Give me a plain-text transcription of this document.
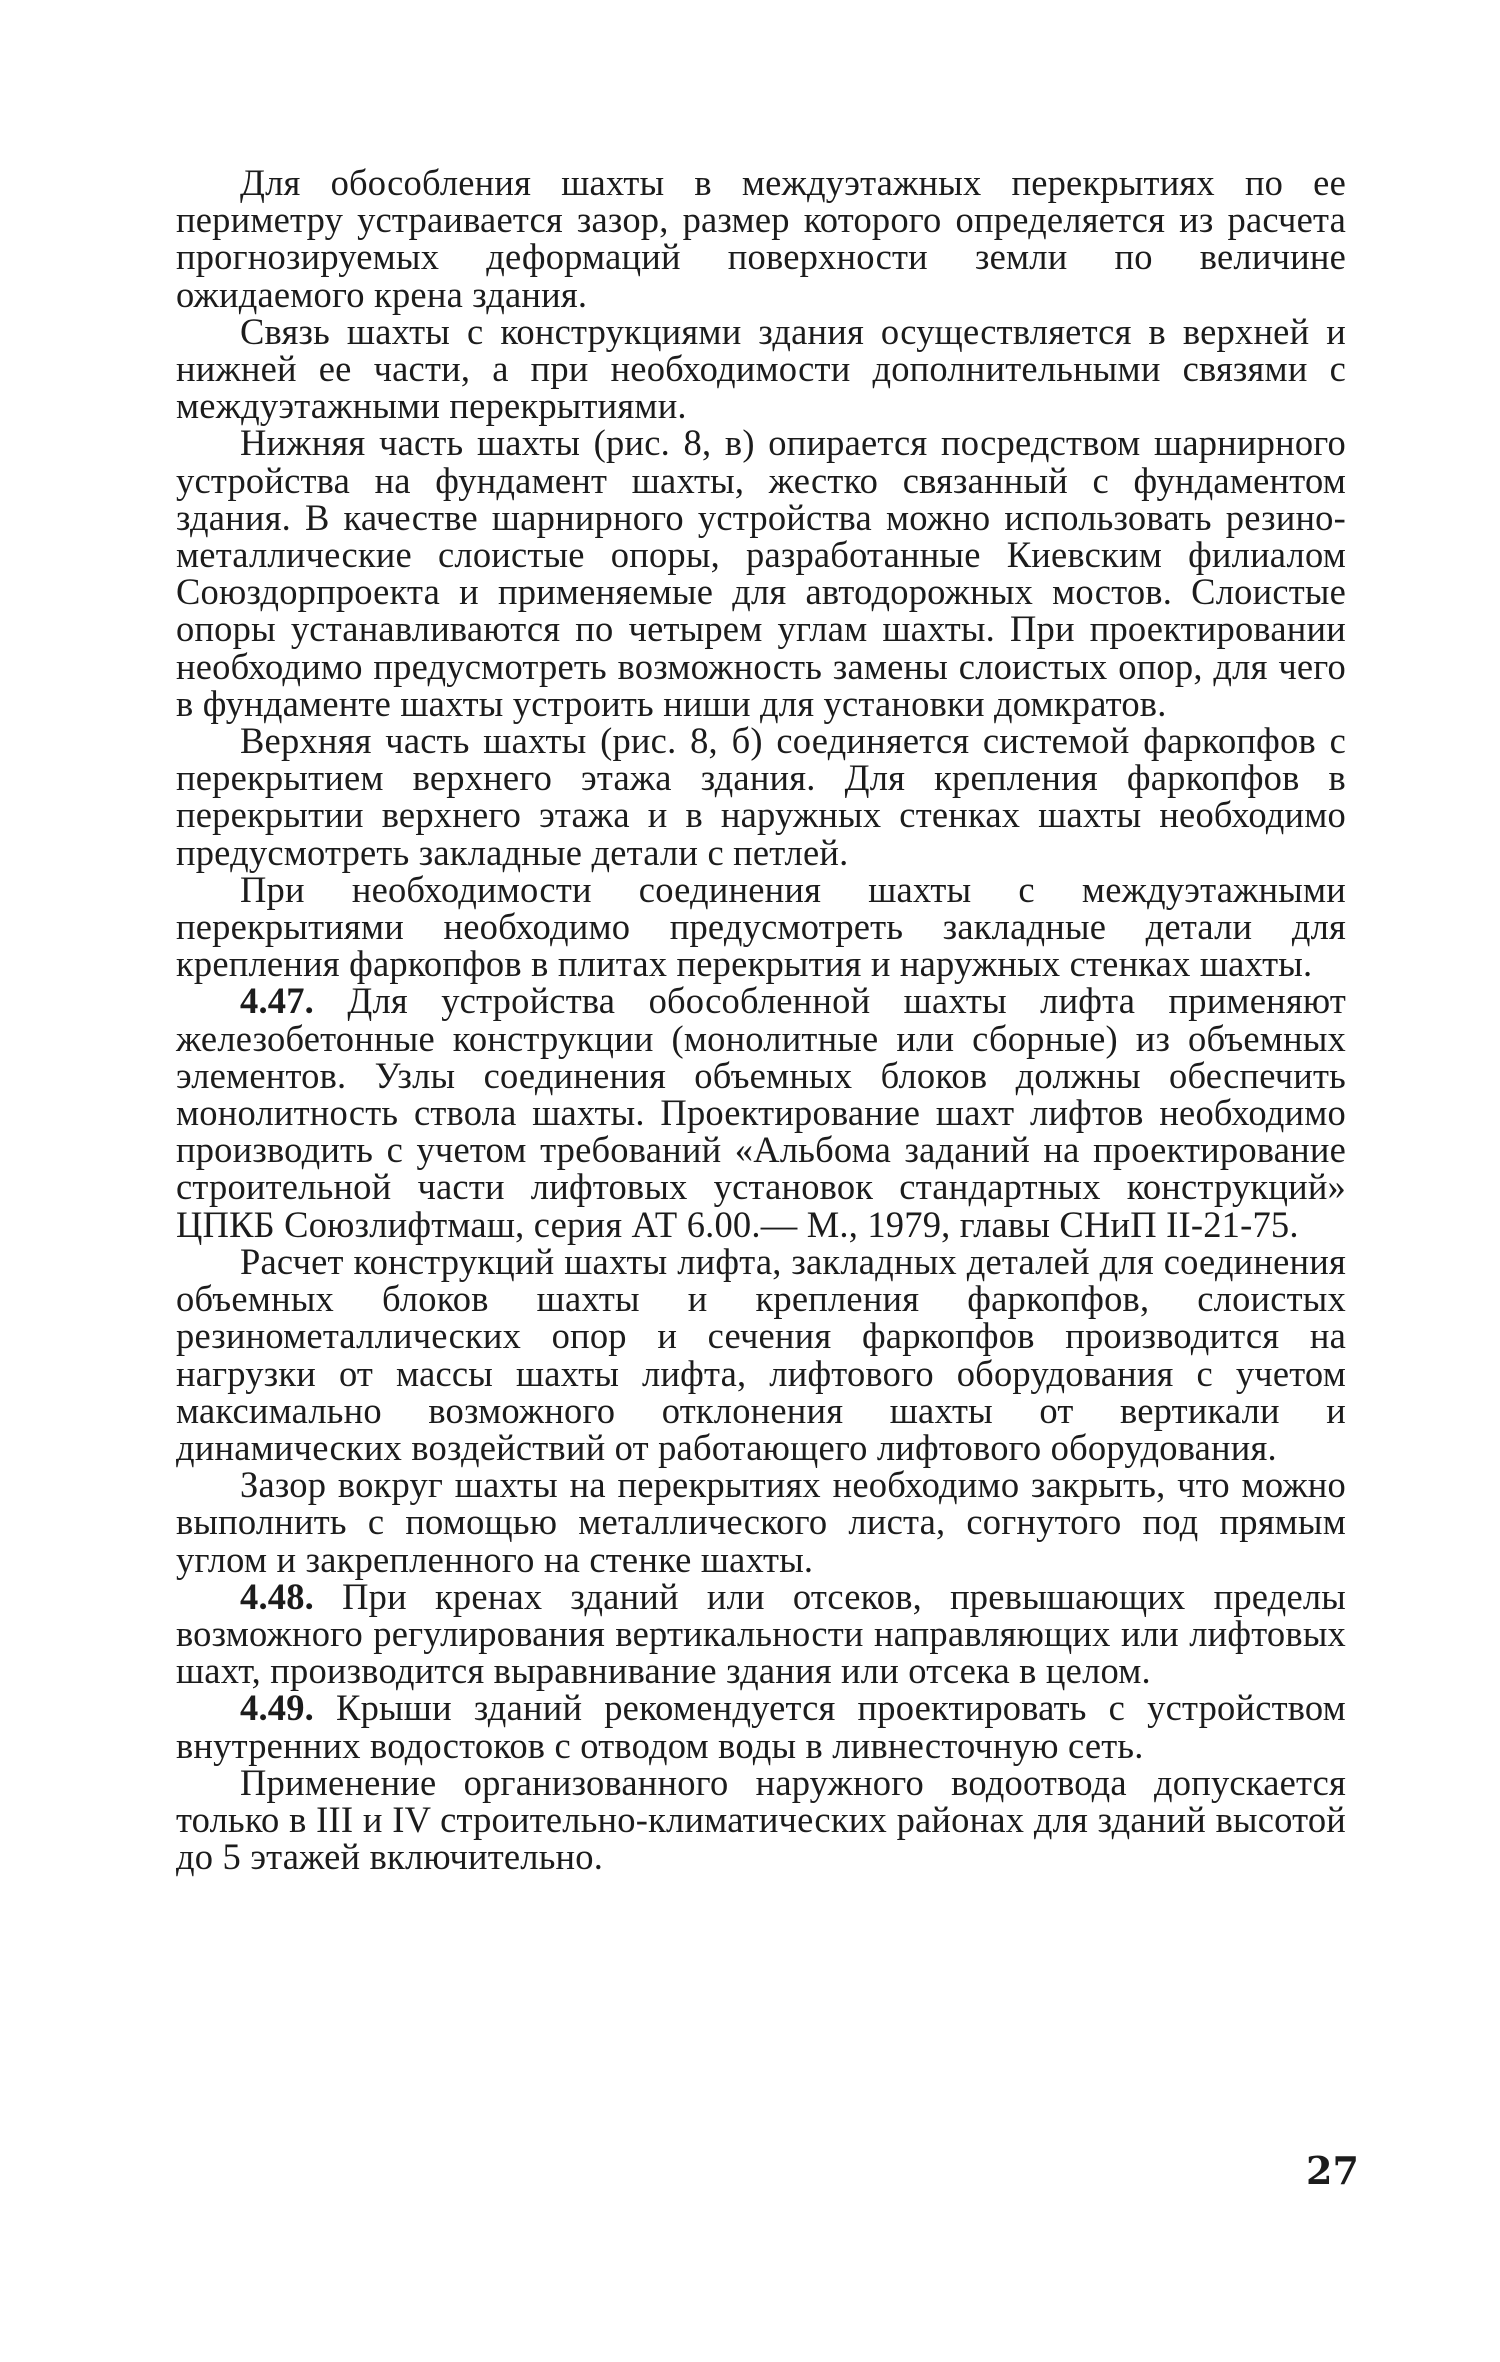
Для обособления шахты в междуэтажных перекрытиях по ее периметру устраивается зазор, размер которого определяется из расчета прогнозируемых деформаций поверхности земли по величине ожидаемого крена здания.

Связь шахты с конструкциями здания осуществляется в верхней и нижней ее части, а при необходимости дополнительными связями с междуэтажными перекрытиями.

Нижняя часть шахты (рис. 8, в) опирается посредством шарнирного устройства на фундамент шахты, жестко связанный с фундаментом здания. В качестве шарнирного устройства можно использовать резино-металлические слоистые опоры, разработанные Киевским филиалом Союздорпроекта и применяемые для автодорожных мостов. Слоистые опоры устанавливаются по четырем углам шахты. При проектировании необходимо предусмотреть возможность замены слоистых опор, для чего в фундаменте шахты устроить ниши для установки домкратов.

Верхняя часть шахты (рис. 8, б) соединяется системой фаркопфов с перекрытием верхнего этажа здания. Для крепления фаркопфов в перекрытии верхнего этажа и в наружных стенках шахты необходимо предусмотреть закладные детали с петлей.

При необходимости соединения шахты с междуэтажными перекрытиями необходимо предусмотреть закладные детали для крепления фаркопфов в плитах перекрытия и наружных стенках шахты.

4.47. Для устройства обособленной шахты лифта применяют железобетонные конструкции (монолитные или сборные) из объемных элементов. Узлы соединения объемных блоков должны обеспечить монолитность ствола шахты. Проектирование шахт лифтов необходимо производить с учетом требований «Альбома заданий на проектирование строительной части лифтовых установок стандартных конструкций» ЦПКБ Союзлифтмаш, серия АТ 6.00.— М., 1979, главы СНиП II-21-75.

Расчет конструкций шахты лифта, закладных деталей для соединения объемных блоков шахты и крепления фаркопфов, слоистых резинометаллических опор и сечения фаркопфов производится на нагрузки от массы шахты лифта, лифтового оборудования с учетом максимально возможного отклонения шахты от вертикали и динамических воздействий от работающего лифтового оборудования.

Зазор вокруг шахты на перекрытиях необходимо закрыть, что можно выполнить с помощью металлического листа, согнутого под прямым углом и закрепленного на стенке шахты.

4.48. При кренах зданий или отсеков, превышающих пределы возможного регулирования вертикальности направляющих или лифтовых шахт, производится выравнивание здания или отсека в целом.

4.49. Крыши зданий рекомендуется проектировать с устройством внутренних водостоков с отводом воды в ливнесточную сеть.

Применение организованного наружного водоотвода допускается только в III и IV строительно-климатических районах для зданий высотой до 5 этажей включительно.

27
